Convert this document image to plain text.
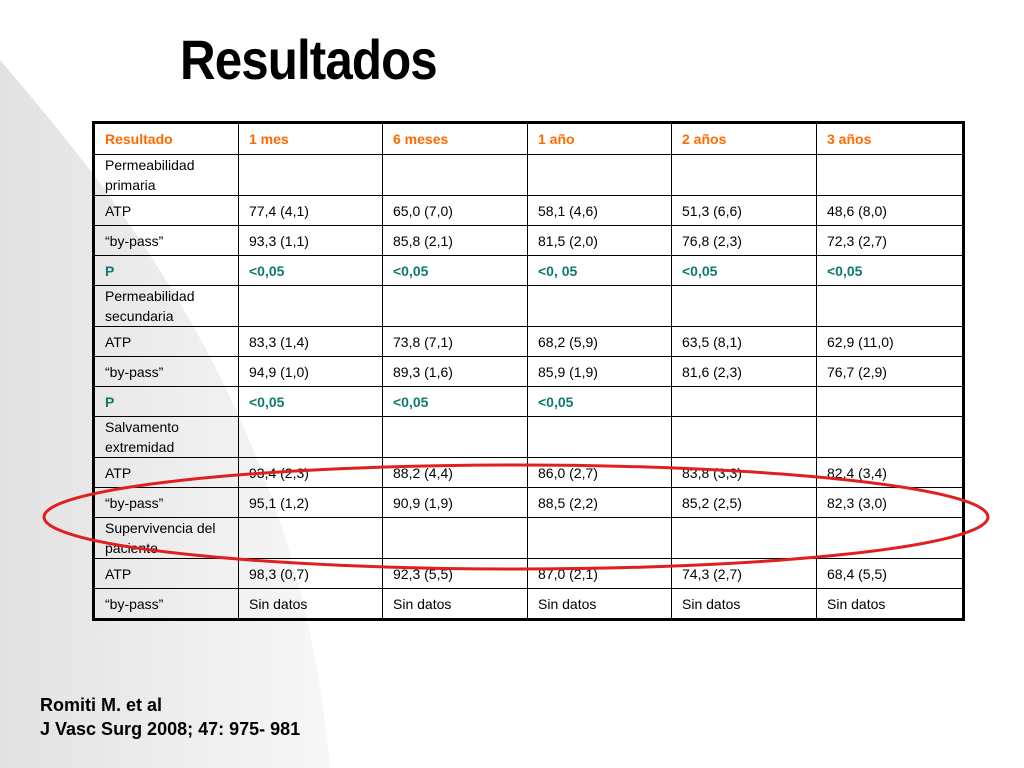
Resultados
Resultado	1 mes	6 meses	1 año	2 años	3 años
Permeabilidad primaria					
ATP	77,4 (4,1)	65,0 (7,0)	58,1 (4,6)	51,3 (6,6)	48,6 (8,0)
“by-pass”	93,3 (1,1)	85,8 (2,1)	81,5 (2,0)	76,8 (2,3)	72,3 (2,7)
P	<0,05	<0,05	<0, 05	<0,05	<0,05
Permeabilidad secundaria					
ATP	83,3 (1,4)	73,8 (7,1)	68,2 (5,9)	63,5 (8,1)	62,9 (11,0)
“by-pass”	94,9 (1,0)	89,3 (1,6)	85,9 (1,9)	81,6 (2,3)	76,7 (2,9)
P	<0,05	<0,05	<0,05		
Salvamento extremidad					
ATP	93,4 (2,3)	88,2 (4,4)	86,0 (2,7)	83,8 (3,3)	82,4 (3,4)
“by-pass”	95,1 (1,2)	90,9 (1,9)	88,5 (2,2)	85,2 (2,5)	82,3 (3,0)
Supervivencia del paciente					
ATP	98,3 (0,7)	92,3 (5,5)	87,0 (2,1)	74,3 (2,7)	68,4 (5,5)
“by-pass”	Sin datos	Sin datos	Sin datos	Sin datos	Sin datos
Romiti M. et al
J Vasc Surg 2008; 47: 975- 981
